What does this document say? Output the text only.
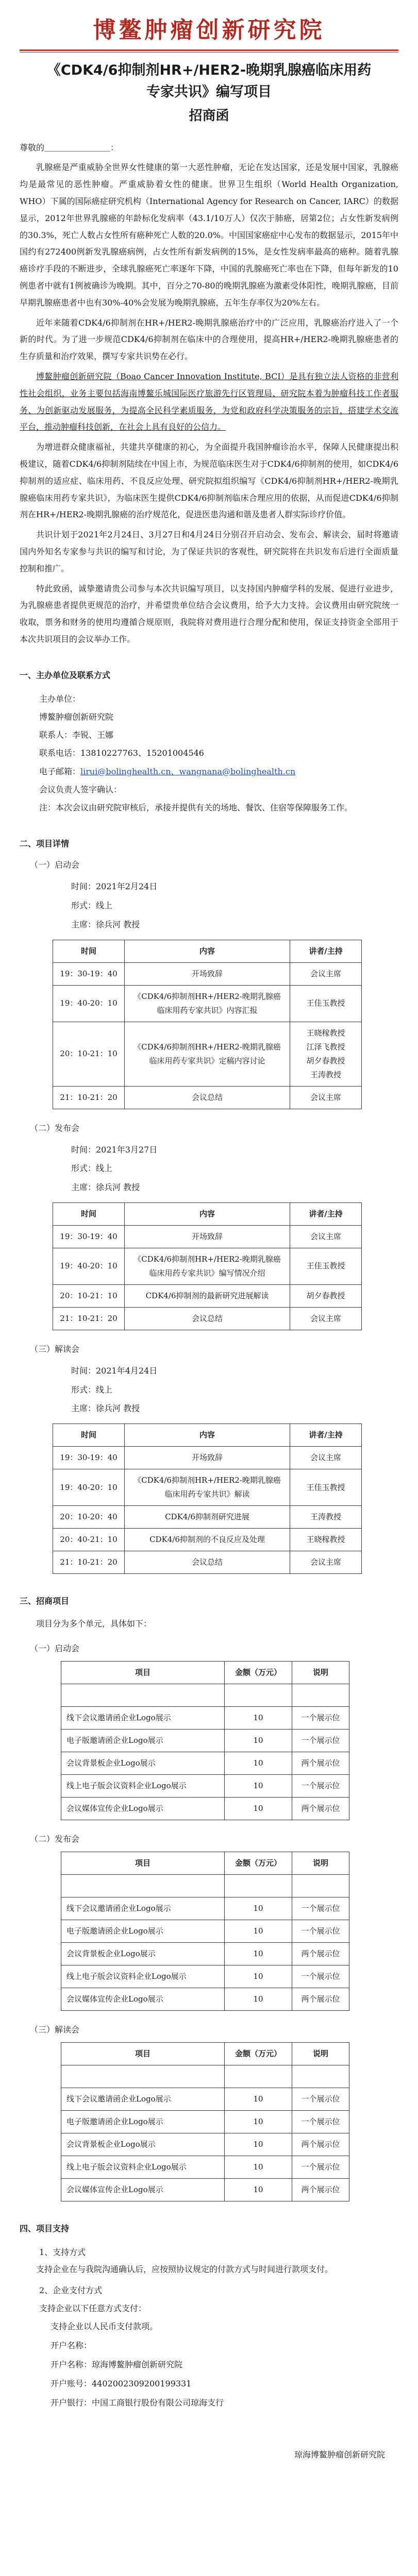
博鳌肿瘤创新研究院
《CDK4/6抑制剂HR+/HER2-晚期乳腺癌临床用药专家共识》编写项目
招商函

尊敬的＿＿＿＿＿＿＿＿：

乳腺癌是严重威胁全世界女性健康的第一大恶性肿瘤，无论在发达国家，还是发展中国家，乳腺癌均是最常见的恶性肿瘤。严重威胁着女性的健康。世界卫生组织（World Health Organization, WHO）下属的国际癌症研究机构（International Agency for Research on Cancer, IARC）的数据显示，2012年世界乳腺癌的年龄标化发病率（43.1/10万人）仅次于肺癌，居第2位；占女性新发病例的30.3%，死亡人数占女性所有癌种死亡人数的20.0%。中国国家癌症中心发布的数据显示，2015年中国约有272400例新发乳腺癌病例，占女性所有新发病例的15%，是女性发病率最高的癌种。随着乳腺癌诊疗手段的不断进步，全球乳腺癌死亡率逐年下降，中国的乳腺癌死亡率也在下降，但每年新发的10例患者中就有1例被确诊为晚期。其中，百分之70-80的晚期乳腺癌为激素受体阳性，晚期乳腺癌，目前早期乳腺癌患者中也有30%-40%会发展为晚期乳腺癌，五年生存率仅为20%左右。

近年来随着CDK4/6抑制剂在HR+/HER2-晚期乳腺癌治疗中的广泛应用，乳腺癌治疗进入了一个新的时代。为了进一步规范CDK4/6抑制剂在临床中的合理使用，提高HR+/HER2-晚期乳腺癌患者的生存质量和治疗效果，撰写专家共识势在必行。

博鳌肿瘤创新研究院（Boao Cancer Innovation Institute, BCI）是具有独立法人资格的非营利性社会组织，业务主要包括海南博鳌乐城国际医疗旅游先行区管理局、研究院本着为肿瘤科技工作者服务、为创新驱动发展服务，为提高全民科学素质服务，为党和政府科学决策服务的宗旨，搭建学术交流平台，推动肿瘤科技创新，在社会上具有良好的公信力。

为增进群众健康福祉，共建共享健康的初心，为全面提升我国肿瘤诊治水平，保障人民健康提出积极建议，随着CDK4/6抑制剂陆续在中国上市，为规范临床医生对于CDK4/6抑制剂的使用，如CDK4/6抑制剂的适应症、临床用药、不良反应处理、研究院拟组织编写《CDK4/6抑制剂HR+/HER2-晚期乳腺癌临床用药专家共识》，为临床医生提供CDK4/6抑制剂临床合理应用的依据，从而促进CDK4/6抑制剂在HR+/HER2-晚期乳腺癌的治疗规范化，促进医患沟通和谐及患者人群实际诊疗价值。

共识计划于2021年2月24日、3月27日和4月24日分别召开启动会、发布会、解读会，届时将邀请国内外知名专家参与共识的编写和讨论，为了保证共识的客观性，研究院将在共识发布后进行全面质量控制和推广。

特此致函，诚挚邀请贵公司参与本次共识编写项目，以支持国内肿瘤学科的发展、促进行业进步，为乳腺癌患者提供更规范的治疗，并希望贵单位结合会议费用，给予大力支持。会议费用由研究院统一收取，票务和财务的使用均遵循合规原则，我院将对费用进行合理分配和使用，保证支持资金全部用于本次共识项目的会议举办工作。

一、主办单位及联系方式
主办单位：
博鳌肿瘤创新研究院
联系人：李锐、王娜
联系电话：13810227763、15201004546
电子邮箱：lirui@bolinghealth.cn、wangnana@bolinghealth.cn
会议负责人签字确认：
注：本次会议由研究院审核后，承接并提供有关的场地、餐饮、住宿等保障服务工作。
二、项目详情
（一）启动会
时间：2021年2月24日
形式：线上
主席：徐兵河 教授
时间	内容	讲者/主持
19：30-19：40	开场致辞	会议主席
19：40-20：10	《CDK4/6抑制剂HR+/HER2-晚期乳腺癌临床用药专家共识》内容汇报	王佳玉教授
20：10-21：10	《CDK4/6抑制剂HR+/HER2-晚期乳腺癌临床用药专家共识》定稿内容讨论	王晓稼教授
江泽飞教授
胡夕春教授
王涛教授
21：10-21：20	会议总结	会议主席
（二）发布会
时间：2021年3月27日
形式：线上
主席：徐兵河 教授
时间	内容	讲者/主持
19：30-19：40	开场致辞	会议主席
19：40-20：10	《CDK4/6抑制剂HR+/HER2-晚期乳腺癌临床用药专家共识》编写情况介绍	王佳玉教授
20：10-21：10	CDK4/6抑制剂的最新研究进展解读	胡夕春教授
21：10-21：20	会议总结	会议主席
（三）解读会
时间：2021年4月24日
形式：线上
主席：徐兵河 教授
时间	内容	讲者/主持
19：30-19：40	开场致辞	会议主席
19：40-20：10	《CDK4/6抑制剂HR+/HER2-晚期乳腺癌临床用药专家共识》解读	王佳玉教授
20：10-20：40	CDK4/6抑制剂研究进展	王涛教授
20：40-21：10	CDK4/6抑制剂的不良反应及处理	王晓稼教授
21：10-21：20	会议总结	会议主席
三、招商项目

项目分为多个单元，具体如下：

（一）启动会
项目	金额（万元）	说明

线下会议邀请函企业Logo展示	10	一个展示位
电子版邀请函企业Logo展示	10	一个展示位
会议背景板企业Logo展示	10	两个展示位
线上电子版会议资料企业Logo展示	10	一个展示位
会议媒体宣传企业Logo展示	10	两个展示位
（二）发布会
项目	金额（万元）	说明

线下会议邀请函企业Logo展示	10	一个展示位
电子版邀请函企业Logo展示	10	一个展示位
会议背景板企业Logo展示	10	两个展示位
线上电子版会议资料企业Logo展示	10	一个展示位
会议媒体宣传企业Logo展示	10	两个展示位
（三）解读会
项目	金额（万元）	说明

线下会议邀请函企业Logo展示	10	一个展示位
电子版邀请函企业Logo展示	10	一个展示位
会议背景板企业Logo展示	10	两个展示位
线上电子版会议资料企业Logo展示	10	一个展示位
会议媒体宣传企业Logo展示	10	两个展示位
四、项目支持
1、支持方式

支持企业在与我院沟通确认后，应按照协议规定的付款方式与时间进行款项支付。

2、企业支付方式
支持企业以下任意方式支付：
支持企业以人民币支付款项。
开户名称：
开户名称：琼海博鳌肿瘤创新研究院
开户账号：4402002309200199331
开户银行：中国工商银行股份有限公司琼海支行
琼海博鳌肿瘤创新研究院
